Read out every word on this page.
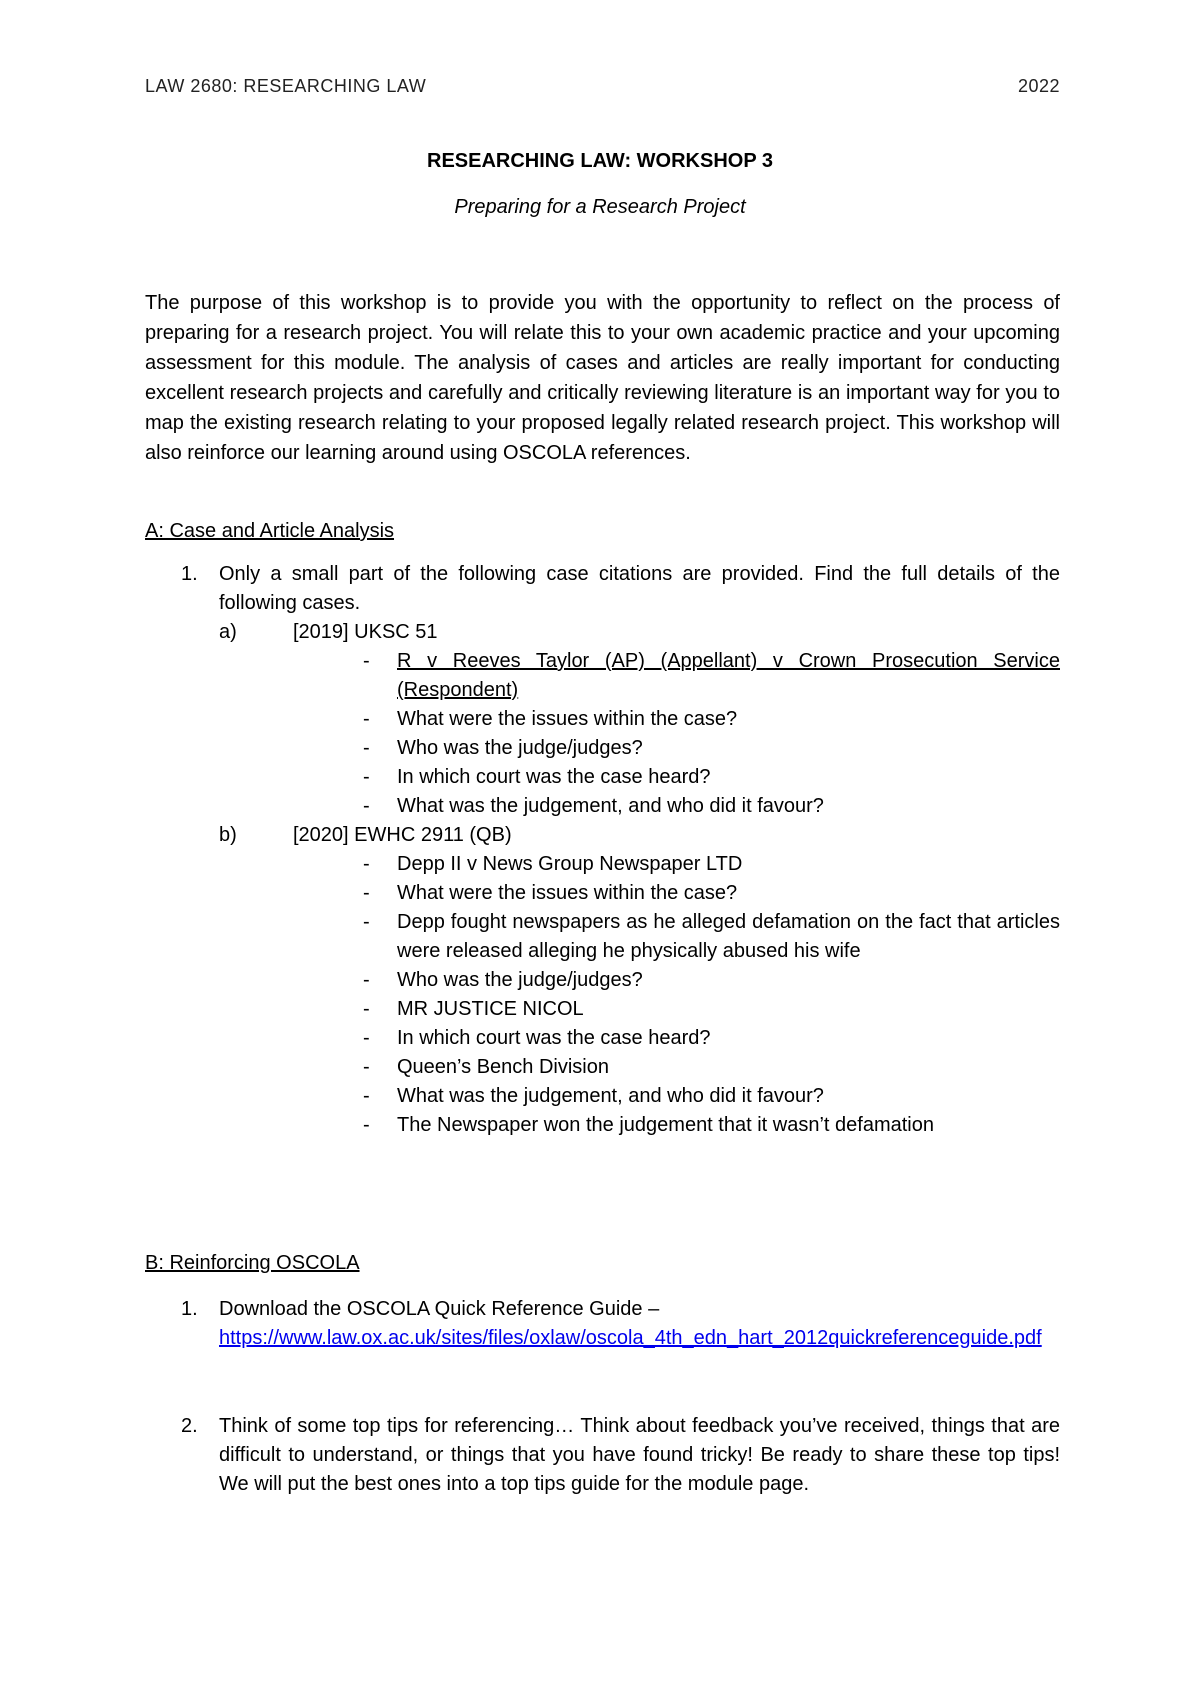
LAW 2680: RESEARCHING LAW	2022
RESEARCHING LAW: WORKSHOP 3
Preparing for a Research Project
The purpose of this workshop is to provide you with the opportunity to reflect on the process of preparing for a research project. You will relate this to your own academic practice and your upcoming assessment for this module. The analysis of cases and articles are really important for conducting excellent research projects and carefully and critically reviewing literature is an important way for you to map the existing research relating to your proposed legally related research project. This workshop will also reinforce our learning around using OSCOLA references.
A: Case and Article Analysis
1. Only a small part of the following case citations are provided. Find the full details of the following cases.
a)	[2019] UKSC 51
- R v Reeves Taylor (AP) (Appellant) v Crown Prosecution Service (Respondent)
- What were the issues within the case?
- Who was the judge/judges?
- In which court was the case heard?
- What was the judgement, and who did it favour?
b)	[2020] EWHC 2911 (QB)
- Depp II v News Group Newspaper LTD
- What were the issues within the case?
- Depp fought newspapers as he alleged defamation on the fact that articles were released alleging he physically abused his wife
- Who was the judge/judges?
- MR JUSTICE NICOL
- In which court was the case heard?
- Queen’s Bench Division
- What was the judgement, and who did it favour?
- The Newspaper won the judgement that it wasn’t defamation
B: Reinforcing OSCOLA
1. Download the OSCOLA Quick Reference Guide –
https://www.law.ox.ac.uk/sites/files/oxlaw/oscola_4th_edn_hart_2012quickreferenceguide.pdf
2. Think of some top tips for referencing… Think about feedback you’ve received, things that are difficult to understand, or things that you have found tricky! Be ready to share these top tips! We will put the best ones into a top tips guide for the module page.
